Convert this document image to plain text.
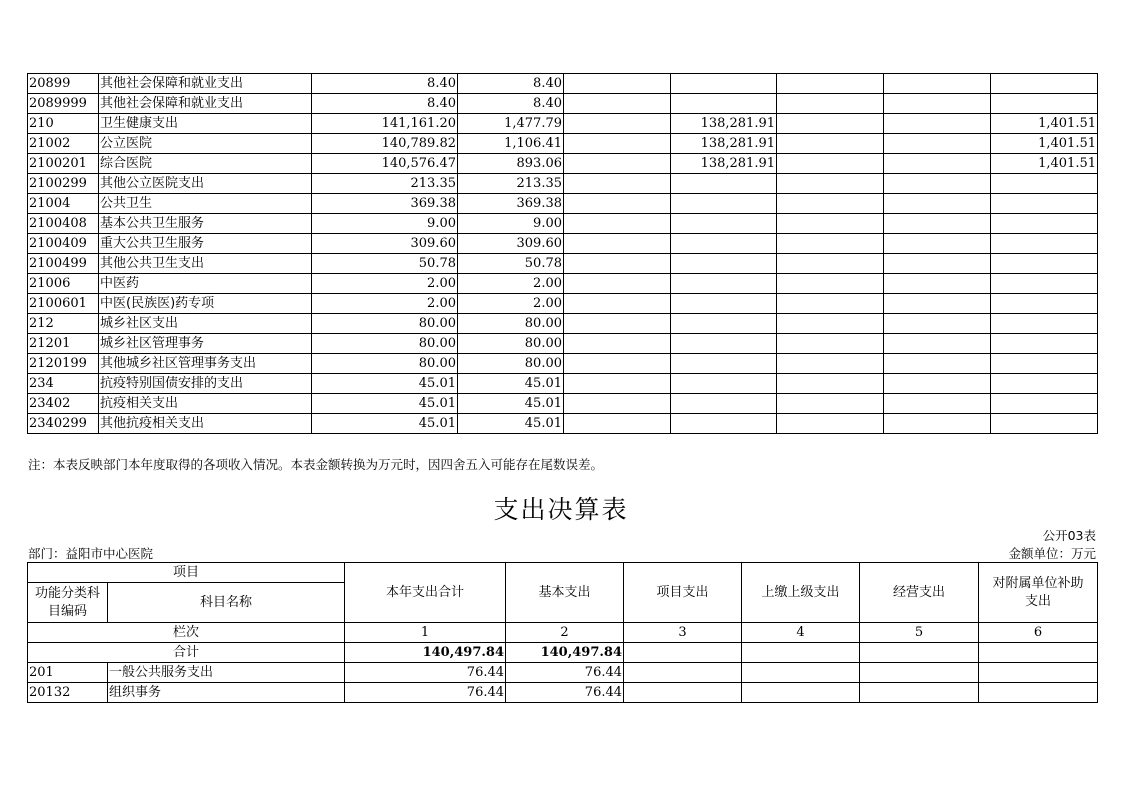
20899	其他社会保障和就业支出	8.40	8.40					
2089999	其他社会保障和就业支出	8.40	8.40					
210	卫生健康支出	141,161.20	1,477.79		138,281.91			1,401.51
21002	公立医院	140,789.82	1,106.41		138,281.91			1,401.51
2100201	综合医院	140,576.47	893.06		138,281.91			1,401.51
2100299	其他公立医院支出	213.35	213.35					
21004	公共卫生	369.38	369.38					
2100408	基本公共卫生服务	9.00	9.00					
2100409	重大公共卫生服务	309.60	309.60					
2100499	其他公共卫生支出	50.78	50.78					
21006	中医药	2.00	2.00					
2100601	中医(民族医)药专项	2.00	2.00					
212	城乡社区支出	80.00	80.00					
21201	城乡社区管理事务	80.00	80.00					
2120199	其他城乡社区管理事务支出	80.00	80.00					
234	抗疫特别国债安排的支出	45.01	45.01					
23402	抗疫相关支出	45.01	45.01					
2340299	其他抗疫相关支出	45.01	45.01					
注：本表反映部门本年度取得的各项收入情况。本表金额转换为万元时，因四舍五入可能存在尾数误差。
支出决算表
公开03表
部门：益阳市中心医院	金额单位：万元
项目		本年支出合计	基本支出	项目支出	上缴上级支出	经营支出	对附属单位补助支出
功能分类科目编码	科目名称						
栏次		1	2	3	4	5	6
合计		140,497.84	140,497.84				
201	一般公共服务支出	76.44	76.44				
20132	组织事务	76.44	76.44				
